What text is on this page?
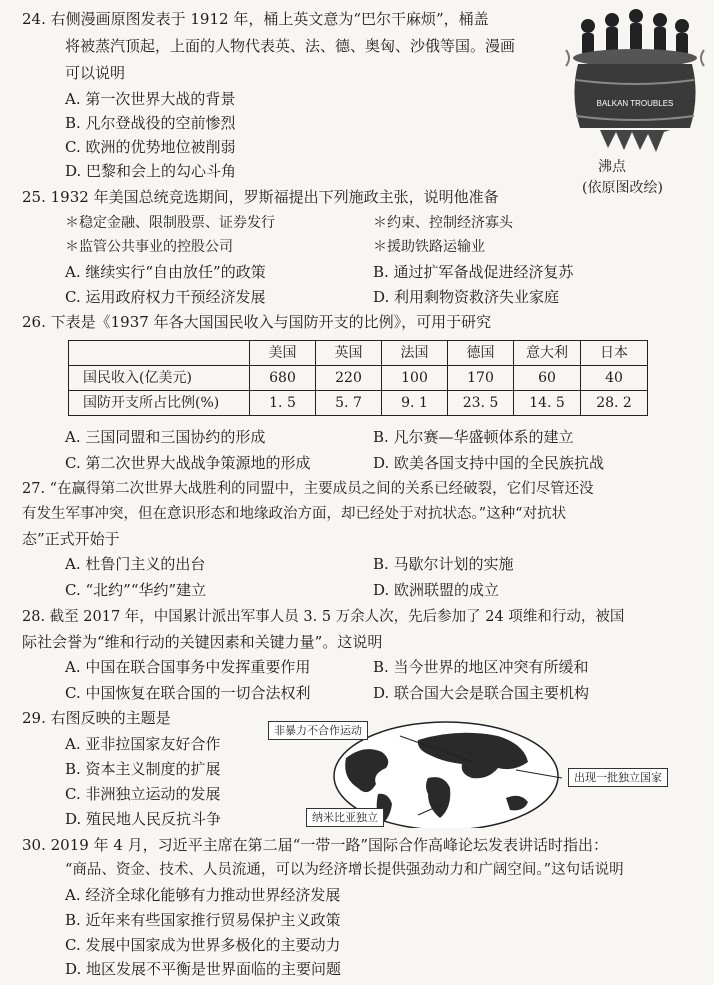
24. 右侧漫画原图发表于 1912 年，桶上英文意为“巴尔干麻烦”，桶盖
将被蒸汽顶起，上面的人物代表英、法、德、奥匈、沙俄等国。漫画
可以说明
A. 第一次世界大战的背景
B. 凡尔登战役的空前惨烈
C. 欧洲的优势地位被削弱
D. 巴黎和会上的勾心斗角
BALKAN TROUBLES
沸点
(依原图改绘)
25. 1932 年美国总统竞选期间，罗斯福提出下列施政主张，说明他准备
＊稳定金融、限制股票、证券发行	＊约束、控制经济寡头
＊监管公共事业的控股公司	＊援助铁路运输业
A. 继续实行“自由放任”的政策	B. 通过扩军备战促进经济复苏
C. 运用政府权力干预经济发展	D. 利用剩物资救济失业家庭
26. 下表是《1937 年各大国国民收入与国防开支的比例》，可用于研究
	美国	英国	法国	德国	意大利	日本
国民收入(亿美元)	680	220	100	170	60	40
国防开支所占比例(%)	1. 5	5. 7	9. 1	23. 5	14. 5	28. 2
A. 三国同盟和三国协约的形成	B. 凡尔赛—华盛顿体系的建立
C. 第二次世界大战战争策源地的形成	D. 欧美各国支持中国的全民族抗战
27. “在赢得第二次世界大战胜利的同盟中，主要成员之间的关系已经破裂，它们尽管还没
有发生军事冲突，但在意识形态和地缘政治方面，却已经处于对抗状态。”这种“对抗状
态”正式开始于
A. 杜鲁门主义的出台	B. 马歇尔计划的实施
C. “北约”“华约”建立	D. 欧洲联盟的成立
28. 截至 2017 年，中国累计派出军事人员 3. 5 万余人次，先后参加了 24 项维和行动，被国
际社会誉为“维和行动的关键因素和关键力量”。这说明
A. 中国在联合国事务中发挥重要作用	B. 当今世界的地区冲突有所缓和
C. 中国恢复在联合国的一切合法权利	D. 联合国大会是联合国主要机构
29. 右图反映的主题是
A. 亚非拉国家友好合作
B. 资本主义制度的扩展
C. 非洲独立运动的发展
D. 殖民地人民反抗斗争
非暴力不合作运动
出现一批独立国家
纳米比亚独立
30. 2019 年 4 月，习近平主席在第二届“一带一路”国际合作高峰论坛发表讲话时指出：
“商品、资金、技术、人员流通，可以为经济增长提供强劲动力和广阔空间。”这句话说明
A. 经济全球化能够有力推动世界经济发展
B. 近年来有些国家推行贸易保护主义政策
C. 发展中国家成为世界多极化的主要动力
D. 地区发展不平衡是世界面临的主要问题
